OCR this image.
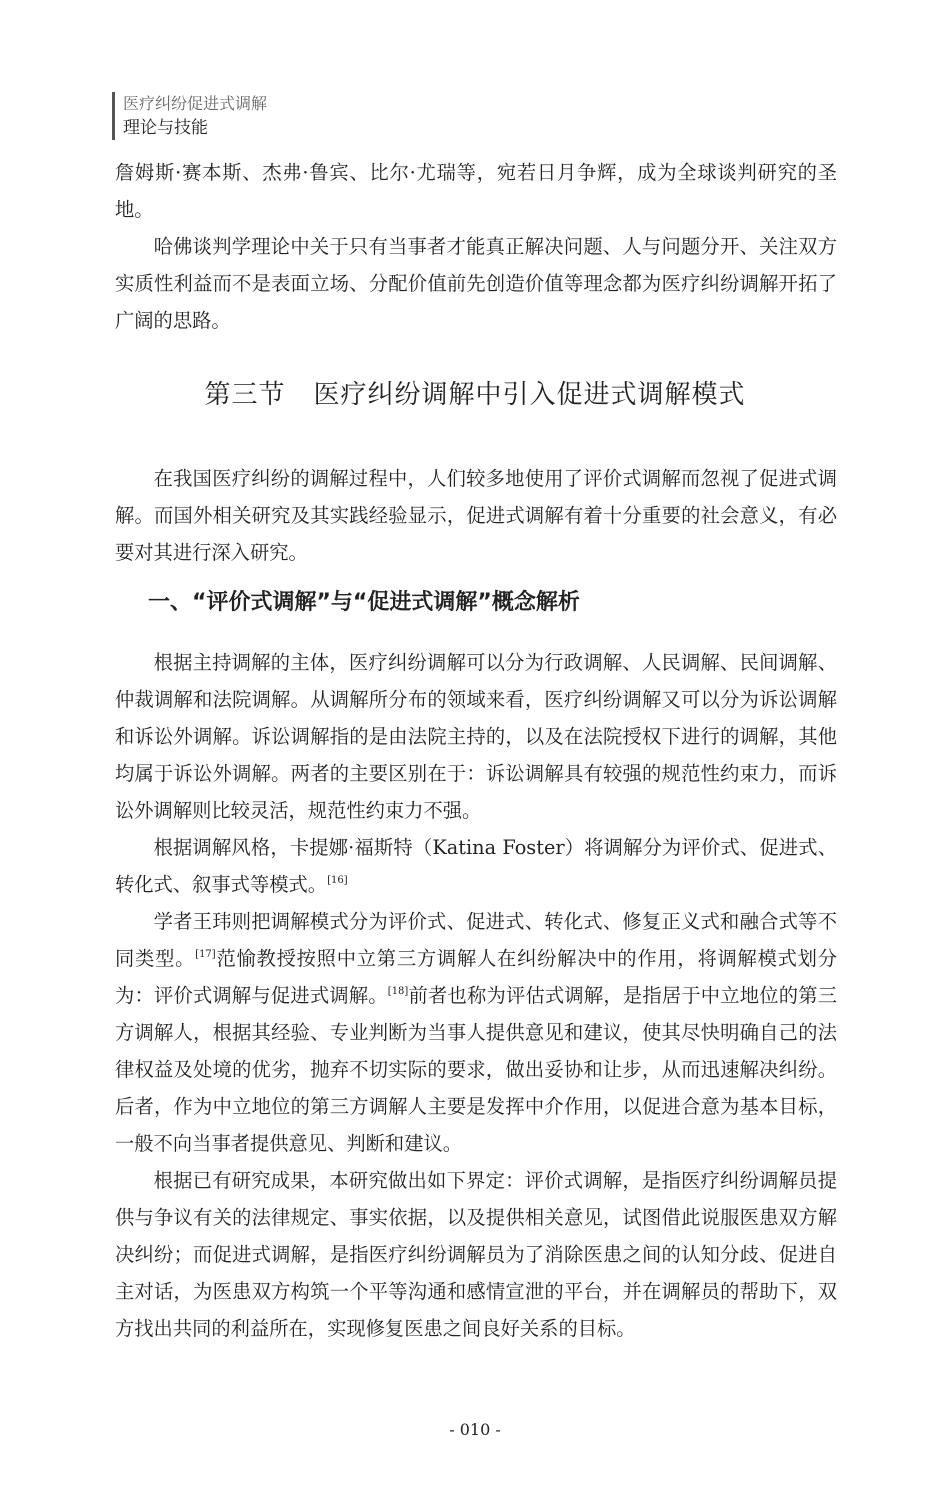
医疗纠纷促进式调解
理论与技能

詹姆斯·赛本斯、杰弗·鲁宾、比尔·尤瑞等，宛若日月争辉，成为全球谈判研究的圣地。

哈佛谈判学理论中关于只有当事者才能真正解决问题、人与问题分开、关注双方实质性利益而不是表面立场、分配价值前先创造价值等理念都为医疗纠纷调解开拓了广阔的思路。

第三节 医疗纠纷调解中引入促进式调解模式

在我国医疗纠纷的调解过程中，人们较多地使用了评价式调解而忽视了促进式调解。而国外相关研究及其实践经验显示，促进式调解有着十分重要的社会意义，有必要对其进行深入研究。

一、“评价式调解”与“促进式调解”概念解析

根据主持调解的主体，医疗纠纷调解可以分为行政调解、人民调解、民间调解、仲裁调解和法院调解。从调解所分布的领域来看，医疗纠纷调解又可以分为诉讼调解和诉讼外调解。诉讼调解指的是由法院主持的，以及在法院授权下进行的调解，其他均属于诉讼外调解。两者的主要区别在于：诉讼调解具有较强的规范性约束力，而诉讼外调解则比较灵活，规范性约束力不强。

根据调解风格，卡提娜·福斯特（Katina Foster）将调解分为评价式、促进式、转化式、叙事式等模式。[16]

学者王玮则把调解模式分为评价式、促进式、转化式、修复正义式和融合式等不同类型。[17]范愉教授按照中立第三方调解人在纠纷解决中的作用，将调解模式划分为：评价式调解与促进式调解。[18]前者也称为评估式调解，是指居于中立地位的第三方调解人，根据其经验、专业判断为当事人提供意见和建议，使其尽快明确自己的法律权益及处境的优劣，抛弃不切实际的要求，做出妥协和让步，从而迅速解决纠纷。后者，作为中立地位的第三方调解人主要是发挥中介作用，以促进合意为基本目标，一般不向当事者提供意见、判断和建议。

根据已有研究成果，本研究做出如下界定：评价式调解，是指医疗纠纷调解员提供与争议有关的法律规定、事实依据，以及提供相关意见，试图借此说服医患双方解决纠纷；而促进式调解，是指医疗纠纷调解员为了消除医患之间的认知分歧、促进自主对话，为医患双方构筑一个平等沟通和感情宣泄的平台，并在调解员的帮助下，双方找出共同的利益所在，实现修复医患之间良好关系的目标。

- 010 -
